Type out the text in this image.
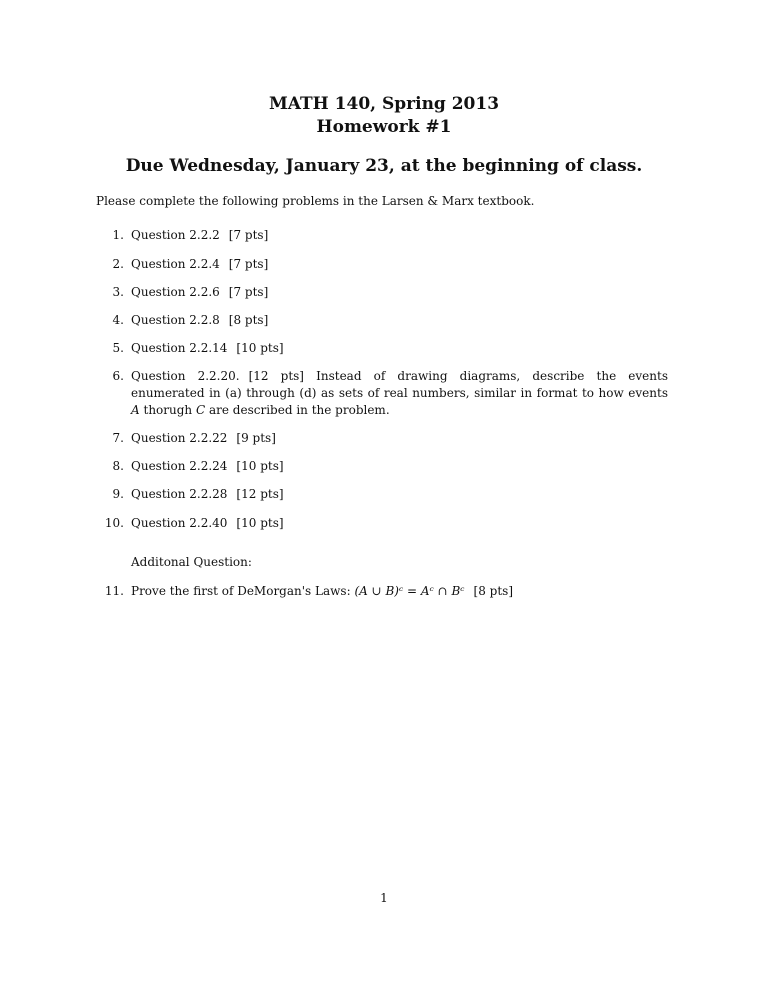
MATH 140, Spring 2013
Homework #1
Due Wednesday, January 23, at the beginning of class.
Please complete the following problems in the Larsen & Marx textbook.
1. Question 2.2.2 [7 pts]
2. Question 2.2.4 [7 pts]
3. Question 2.2.6 [7 pts]
4. Question 2.2.8 [8 pts]
5. Question 2.2.14 [10 pts]
6. Question 2.2.20. [12 pts] Instead of drawing diagrams, describe the events enumerated in (a) through (d) as sets of real numbers, similar in format to how events A thorugh C are described in the problem.
7. Question 2.2.22 [9 pts]
8. Question 2.2.24 [10 pts]
9. Question 2.2.28 [12 pts]
10. Question 2.2.40 [10 pts]
Additonal Question:
11. Prove the first of DeMorgan's Laws: (A ∪ B)ᶜ = Aᶜ ∩ Bᶜ [8 pts]
1
